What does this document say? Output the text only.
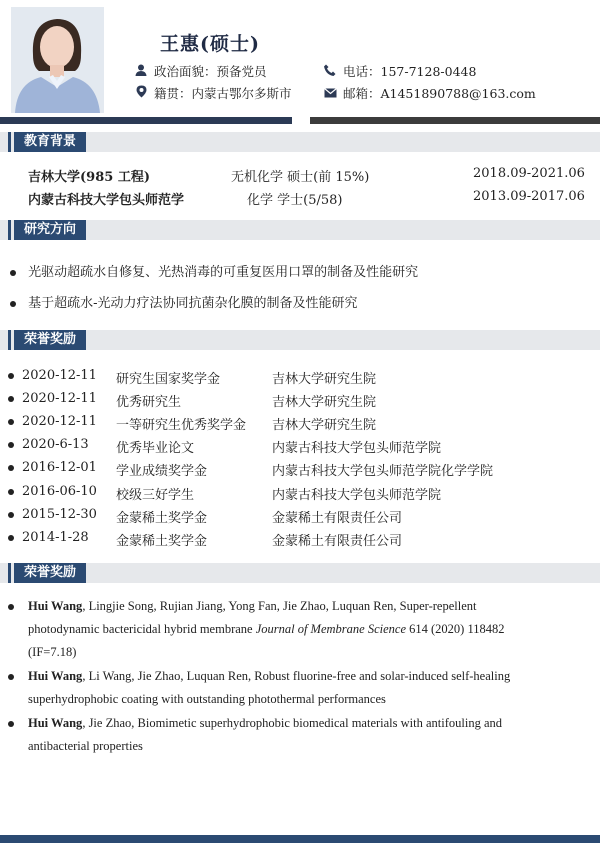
王惠(硕士)
政治面貌：预备党员
籍贯：内蒙古鄂尔多斯市
电话：157-7128-0448
邮箱：A1451890788@163.com
教育背景
吉林大学(985 工程)	无机化学 硕士(前 15%)	2018.09-2021.06
内蒙古科技大学包头师范学	化学 学士(5/58)	2013.09-2017.06
研究方向
光驱动超疏水自修复、光热消毒的可重复医用口罩的制备及性能研究
基于超疏水-光动力疗法协同抗菌杂化膜的制备及性能研究
荣誉奖励
2020-12-11 研究生国家奖学金	吉林大学研究生院
2020-12-11 优秀研究生	吉林大学研究生院
2020-12-11 一等研究生优秀奖学金 吉林大学研究生院
2020-6-13 优秀毕业论文	内蒙古科技大学包头师范学院
2016-12-01 学业成绩奖学金	内蒙古科技大学包头师范学院化学学院
2016-06-10 校级三好学生	内蒙古科技大学包头师范学院
2015-12-30 金蒙稀土奖学金	金蒙稀土有限责任公司
2014-1-28 金蒙稀土奖学金	金蒙稀土有限责任公司
荣誉奖励
Hui Wang, Lingjie Song, Rujian Jiang, Yong Fan, Jie Zhao, Luquan Ren, Super-repellent
photodynamic bactericidal hybrid membrane Journal of Membrane Science 614 (2020) 118482
(IF=7.18)
Hui Wang, Li Wang, Jie Zhao, Luquan Ren, Robust fluorine-free and solar-induced self-healing
superhydrophobic coating with outstanding photothermal performances
Hui Wang, Jie Zhao, Biomimetic superhydrophobic biomedical materials with antifouling and
antibacterial properties
